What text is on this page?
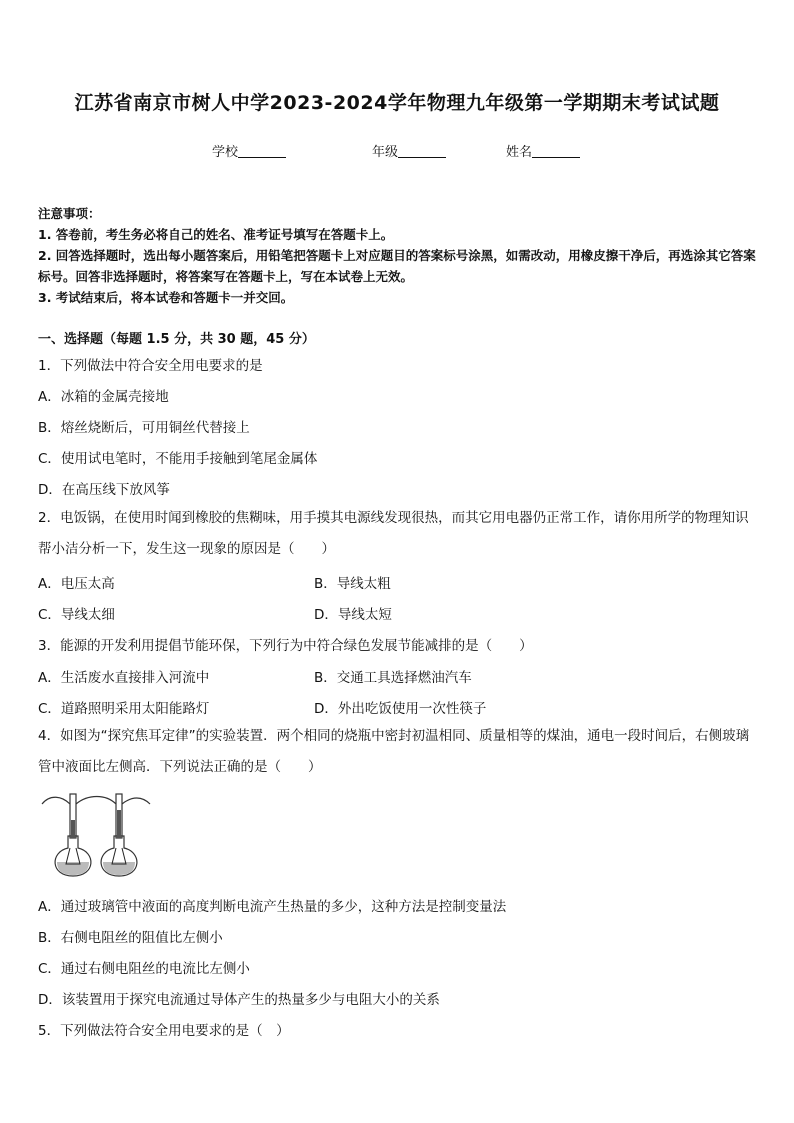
江苏省南京市树人中学2023-2024学年物理九年级第一学期期末考试试题
学校	年级	姓名
注意事项：
1. 答卷前，考生务必将自己的姓名、准考证号填写在答题卡上。
2. 回答选择题时，选出每小题答案后，用铅笔把答题卡上对应题目的答案标号涂黑，如需改动，用橡皮擦干净后，再选涂其它答案标号。回答非选择题时，将答案写在答题卡上，写在本试卷上无效。
3. 考试结束后，将本试卷和答题卡一并交回。
一、选择题（每题 1.5 分，共 30 题，45 分）
1．下列做法中符合安全用电要求的是
A．冰箱的金属壳接地
B．熔丝烧断后，可用铜丝代替接上
C．使用试电笔时，不能用手接触到笔尾金属体
D．在高压线下放风筝
2．电饭锅，在使用时闻到橡胶的焦糊味，用手摸其电源线发现很热，而其它用电器仍正常工作，请你用所学的物理知识帮小洁分析一下，发生这一现象的原因是（　　）
A．电压太高	B．导线太粗
C．导线太细	D．导线太短
3．能源的开发利用提倡节能环保，下列行为中符合绿色发展节能减排的是（　　）
A．生活废水直接排入河流中	B．交通工具选择燃油汽车
C．道路照明采用太阳能路灯	D．外出吃饭使用一次性筷子
4．如图为“探究焦耳定律”的实验装置．两个相同的烧瓶中密封初温相同、质量相等的煤油，通电一段时间后，右侧玻璃管中液面比左侧高．下列说法正确的是（　　）
A．通过玻璃管中液面的高度判断电流产生热量的多少，这种方法是控制变量法
B．右侧电阻丝的阻值比左侧小
C．通过右侧电阻丝的电流比左侧小
D．该装置用于探究电流通过导体产生的热量多少与电阻大小的关系
5．下列做法符合安全用电要求的是（　）
